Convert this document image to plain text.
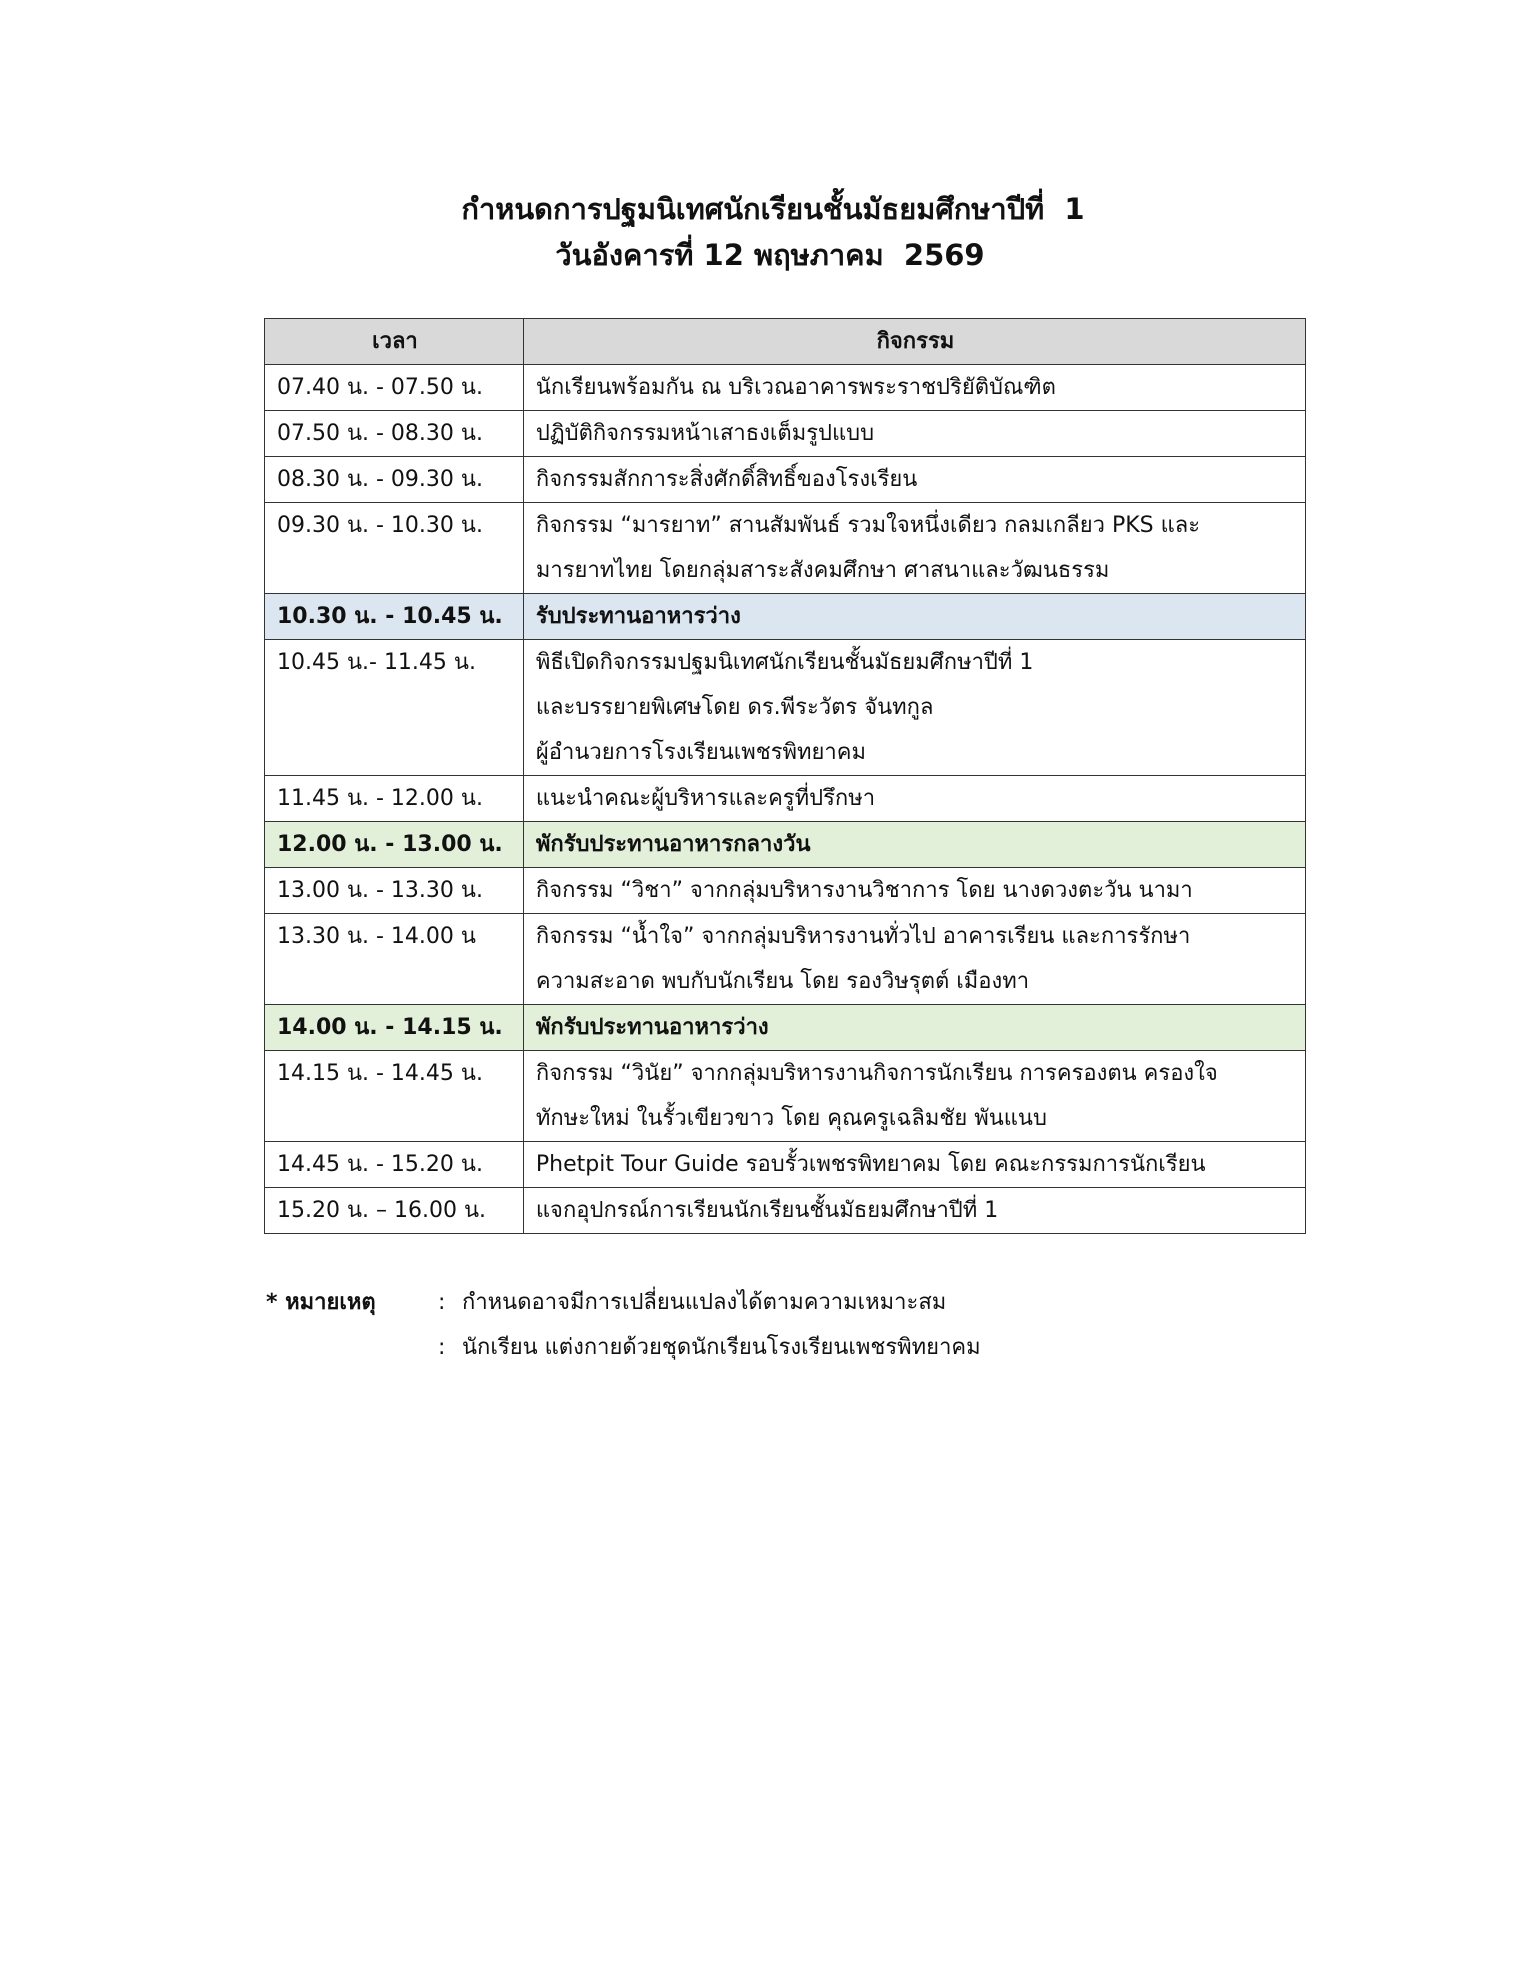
กำหนดการปฐมนิเทศนักเรียนชั้นมัธยมศึกษาปีที่  1
วันอังคารที่ 12 พฤษภาคม  2569
เวลา	กิจกรรม

07.40 น. - 07.50 น.	นักเรียนพร้อมกัน ณ บริเวณอาคารพระราชปริยัติบัณฑิต

07.50 น. - 08.30 น.	ปฏิบัติกิจกรรมหน้าเสาธงเต็มรูปแบบ

08.30 น. - 09.30 น.	กิจกรรมสักการะสิ่งศักดิ์สิทธิ์ของโรงเรียน

09.30 น. - 10.30 น.	กิจกรรม “มารยาท” สานสัมพันธ์ รวมใจหนึ่งเดียว กลมเกลียว PKS และ
มารยาทไทย โดยกลุ่มสาระสังคมศึกษา ศาสนาและวัฒนธรรม

10.30 น. - 10.45 น.	รับประทานอาหารว่าง

10.45 น.- 11.45 น.	พิธีเปิดกิจกรรมปฐมนิเทศนักเรียนชั้นมัธยมศึกษาปีที่ 1
และบรรยายพิเศษโดย ดร.พีระวัตร จันทกูล
ผู้อำนวยการโรงเรียนเพชรพิทยาคม

11.45 น. - 12.00 น.	แนะนำคณะผู้บริหารและครูที่ปรึกษา

12.00 น. - 13.00 น.	พักรับประทานอาหารกลางวัน

13.00 น. - 13.30 น.	กิจกรรม “วิชา” จากกลุ่มบริหารงานวิชาการ โดย นางดวงตะวัน นามา

13.30 น. - 14.00 น	กิจกรรม “น้ำใจ” จากกลุ่มบริหารงานทั่วไป อาคารเรียน และการรักษา
ความสะอาด พบกับนักเรียน โดย รองวิษรุตต์ เมืองทา

14.00 น. - 14.15 น.	พักรับประทานอาหารว่าง

14.15 น. - 14.45 น.	กิจกรรม “วินัย” จากกลุ่มบริหารงานกิจการนักเรียน การครองตน ครองใจ
ทักษะใหม่ ในรั้วเขียวขาว โดย คุณครูเฉลิมชัย พันแนบ

14.45 น. - 15.20 น.	Phetpit Tour Guide รอบรั้วเพชรพิทยาคม โดย คณะกรรมการนักเรียน

15.20 น. – 16.00 น.	แจกอุปกรณ์การเรียนนักเรียนชั้นมัธยมศึกษาปีที่ 1
* หมายเหตุ	: กำหนดอาจมีการเปลี่ยนแปลงได้ตามความเหมาะสม
: นักเรียน แต่งกายด้วยชุดนักเรียนโรงเรียนเพชรพิทยาคม
